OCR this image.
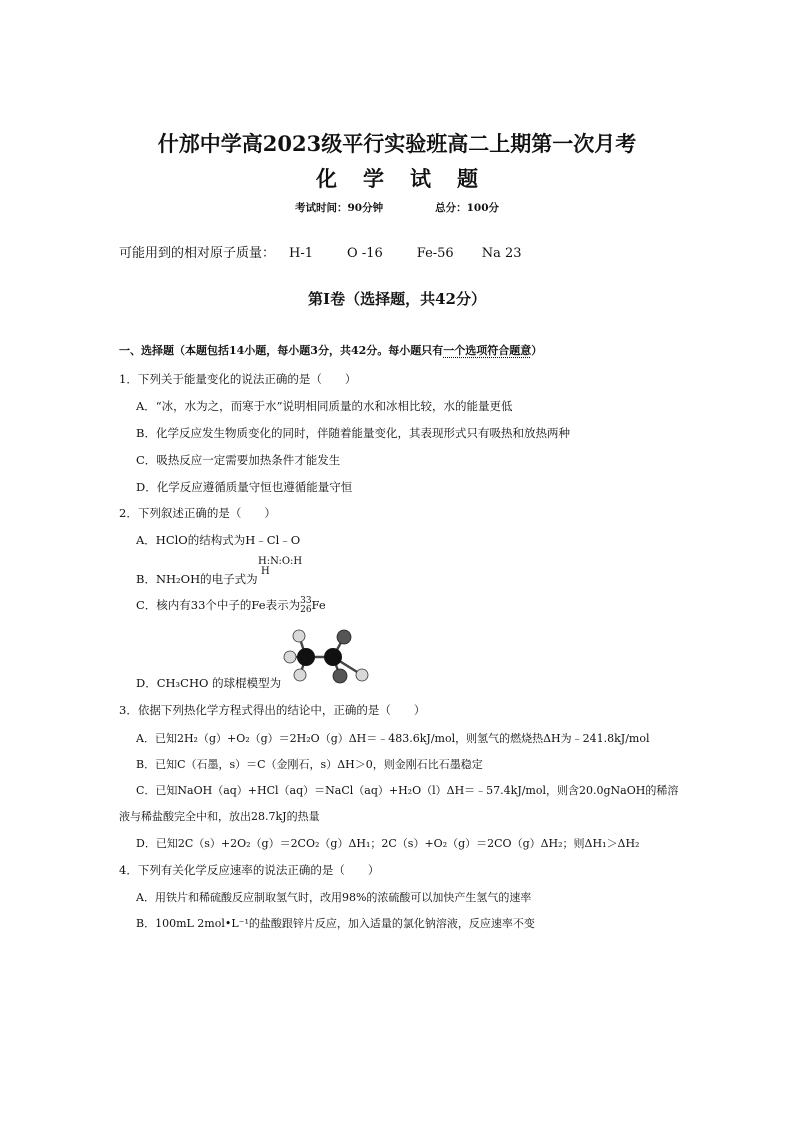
什邡中学高2023级平行实验班高二上期第一次月考
化学试题
考试时间：90分钟	总分：100分
可能用到的相对原子质量： H-1	O -16	Fe-56 Na 23
第Ⅰ卷（选择题，共42分）
一、选择题（本题包括14小题，每小题3分，共42分。每小题只有一个选项符合题意）
1．下列关于能量变化的说法正确的是（　　）
A．“冰，水为之，而寒于水”说明相同质量的水和冰相比较，水的能量更低
B．化学反应发生物质变化的同时，伴随着能量变化，其表现形式只有吸热和放热两种
C．吸热反应一定需要加热条件才能发生
D．化学反应遵循质量守恒也遵循能量守恒
2．下列叙述正确的是（　　）
A．HClO的结构式为H﹣Cl﹣O
B．NH₂OH的电子式为
H:N:O:H
H
C．核内有33个中子的Fe表示为 33
26 Fe
D．CH₃CHO 的球棍模型为
3．依据下列热化学方程式得出的结论中，正确的是（　　）
A．已知2H₂（g）+O₂（g）＝2H₂O（g）ΔH＝﹣483.6kJ/mol，则氢气的燃烧热ΔH为﹣241.8kJ/mol
B．已知C（石墨，s）＝C（金刚石，s）ΔH＞0，则金刚石比石墨稳定
C．已知NaOH（aq）+HCl（aq）＝NaCl（aq）+H₂O（l）ΔH＝﹣57.4kJ/mol，则含20.0gNaOH的稀溶
液与稀盐酸完全中和，放出28.7kJ的热量
D．已知2C（s）+2O₂（g）＝2CO₂（g）ΔH₁；2C（s）+O₂（g）＝2CO（g）ΔH₂；则ΔH₁＞ΔH₂
4．下列有关化学反应速率的说法正确的是（　　）
A．用铁片和稀硫酸反应制取氢气时，改用98%的浓硫酸可以加快产生氢气的速率
B．100mL 2mol•L⁻¹的盐酸跟锌片反应，加入适量的氯化钠溶液，反应速率不变
